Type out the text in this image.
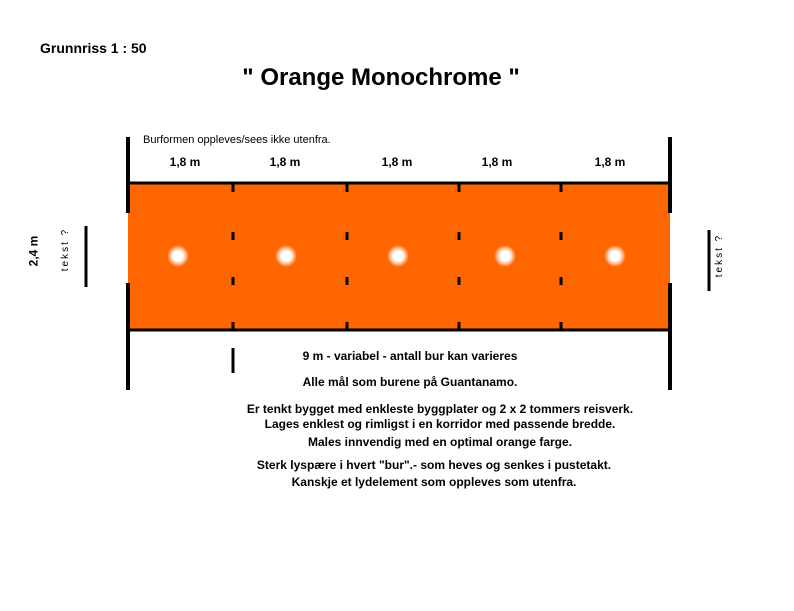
Grunnriss 1 : 50
" Orange Monochrome "
Burformen oppleves/sees ikke utenfra.
1,8 m	1,8 m	1,8 m	1,8 m	1,8 m
2,4 m tekst ?	tekst ?
9 m - variabel - antall bur kan varieres
Alle mål som burene på Guantanamo.
Er tenkt bygget med enkleste byggplater og 2 x 2 tommers reisverk.
Lages enklest og rimligst i en korridor med passende bredde.
Males innvendig med en optimal orange farge.
Sterk lyspære i hvert "bur".- som heves og senkes i pustetakt.
Kanskje et lydelement som oppleves som utenfra.
